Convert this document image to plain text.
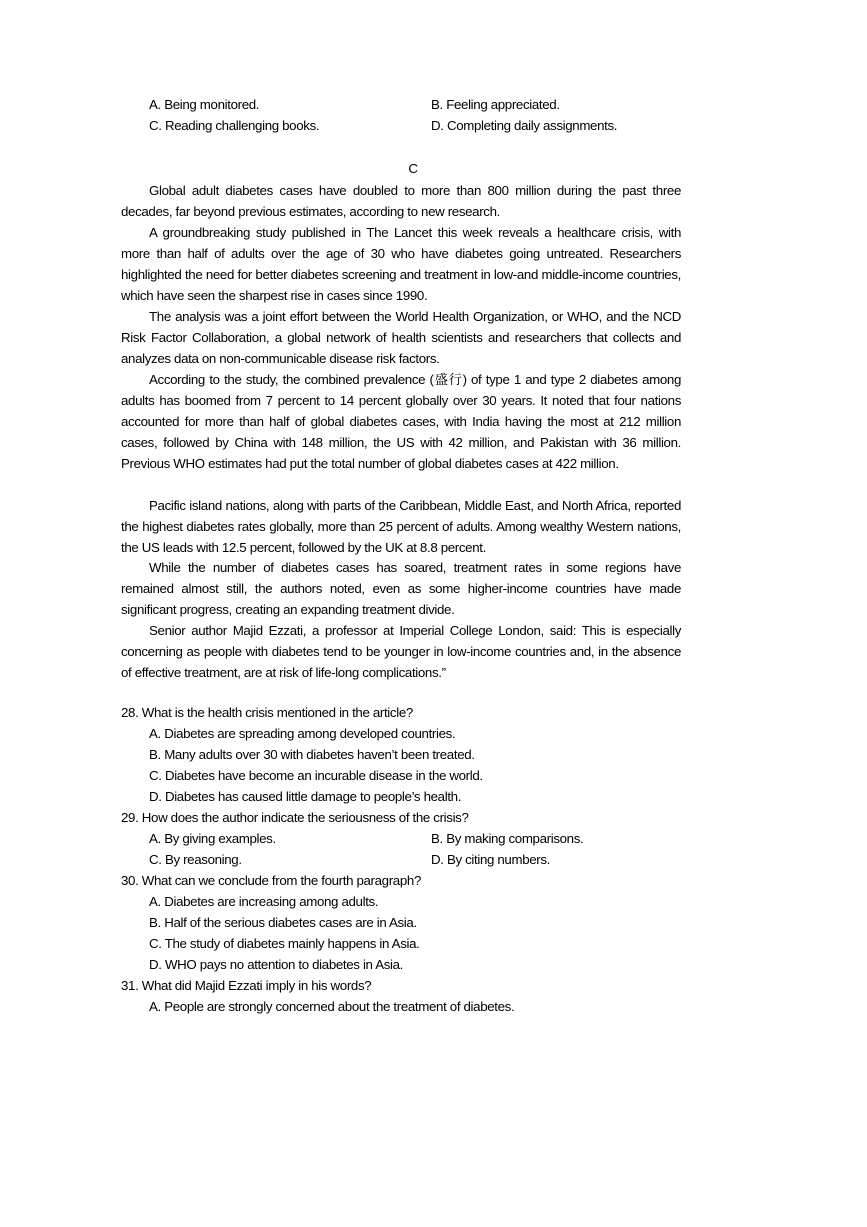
A. Being monitored.	B. Feeling appreciated.
C. Reading challenging books.	D. Completing daily assignments.
C

Global adult diabetes cases have doubled to more than 800 million during the past three decades, far beyond previous estimates, according to new research.

A groundbreaking study published in The Lancet this week reveals a healthcare crisis, with more than half of adults over the age of 30 who have diabetes going untreated. Researchers highlighted the need for better diabetes screening and treatment in low-and middle-income countries, which have seen the sharpest rise in cases since 1990.

The analysis was a joint effort between the World Health Organization, or WHO, and the NCD Risk Factor Collaboration, a global network of health scientists and researchers that collects and analyzes data on non-communicable disease risk factors.

According to the study, the combined prevalence (盛行) of type 1 and type 2 diabetes among adults has boomed from 7 percent to 14 percent globally over 30 years. It noted that four nations accounted for more than half of global diabetes cases, with India having the most at 212 million cases, followed by China with 148 million, the US with 42 million, and Pakistan with 36 million. Previous WHO estimates had put the total number of global diabetes cases at 422 million.

Pacific island nations, along with parts of the Caribbean, Middle East, and North Africa, reported the highest diabetes rates globally, more than 25 percent of adults. Among wealthy Western nations, the US leads with 12.5 percent, followed by the UK at 8.8 percent.

While the number of diabetes cases has soared, treatment rates in some regions have remained almost still, the authors noted, even as some higher-income countries have made significant progress, creating an expanding treatment divide.

Senior author Majid Ezzati, a professor at Imperial College London, said: This is especially concerning as people with diabetes tend to be younger in low-income countries and, in the absence of effective treatment, are at risk of life-long complications.”

28. What is the health crisis mentioned in the article?
A. Diabetes are spreading among developed countries.
B. Many adults over 30 with diabetes haven’t been treated.
C. Diabetes have become an incurable disease in the world.
D. Diabetes has caused little damage to people’s health.
29. How does the author indicate the seriousness of the crisis?
A. By giving examples.	B. By making comparisons.
C. By reasoning.	D. By citing numbers.
30. What can we conclude from the fourth paragraph?
A. Diabetes are increasing among adults.
B. Half of the serious diabetes cases are in Asia.
C. The study of diabetes mainly happens in Asia.
D. WHO pays no attention to diabetes in Asia.
31. What did Majid Ezzati imply in his words?
A. People are strongly concerned about the treatment of diabetes.
